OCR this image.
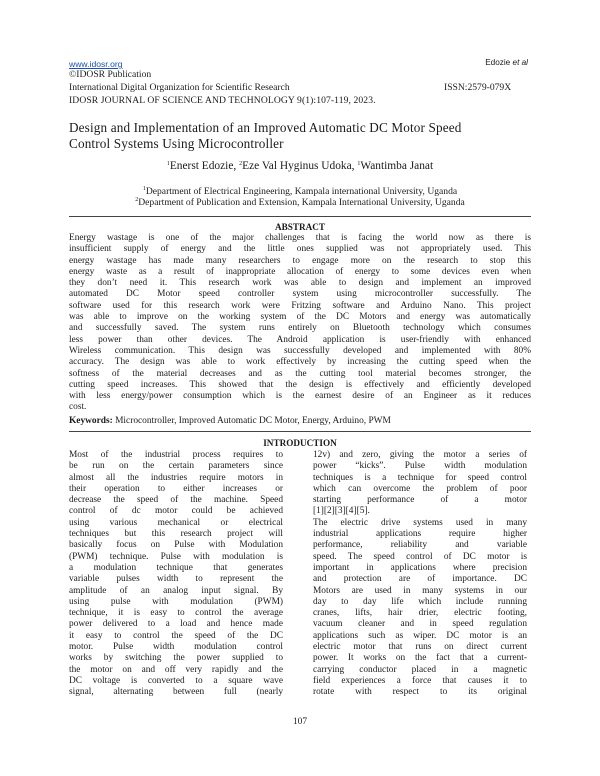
www.idosr.org	Edozie et al
©IDOSR Publication
International Digital Organization for Scientific Research	ISSN:2579-079X
IDOSR JOURNAL OF SCIENCE AND TECHNOLOGY 9(1):107-119, 2023.
Design and Implementation of an Improved Automatic DC Motor Speed
Control Systems Using Microcontroller
$^1$Enerst Edozie, $^2$Eze Val Hyginus Udoka, $^1$Wantimba Janat
$^1$Department of Electrical Engineering, Kampala international University, Uganda
$^2$Department of Publication and Extension, Kampala International University, Uganda
ABSTRACT

Energy wastage is one of the major challenges that is facing the world now as there is

insufficient supply of energy and the little ones supplied was not appropriately used. This

energy wastage has made many researchers to engage more on the research to stop this

energy waste as a result of inappropriate allocation of energy to some devices even when

they don’t need it. This research work was able to design and implement an improved

automated DC Motor speed controller system using microcontroller successfully. The

software used for this research work were Fritzing software and Arduino Nano. This project

was able to improve on the working system of the DC Motors and energy was automatically

and successfully saved. The system runs entirely on Bluetooth technology which consumes

less power than other devices. The Android application is user-friendly with enhanced

Wireless communication. This design was successfully developed and implemented with 80%

accuracy. The design was able to work effectively by increasing the cutting speed when the

softness of the material decreases and as the cutting tool material becomes stronger, the

cutting speed increases. This showed that the design is effectively and efficiently developed

with less energy/power consumption which is the earnest desire of an Engineer as it reduces

cost.

Keywords: Microcontroller, Improved Automatic DC Motor, Energy, Arduino, PWM
INTRODUCTION

Most of the industrial process requires to

be run on the certain parameters since

almost all the industries require motors in

their operation to either increases or

decrease the speed of the machine. Speed

control of dc motor could be achieved

using various mechanical or electrical

techniques but this research project will

basically focus on Pulse with Modulation

(PWM) technique. Pulse with modulation is

a modulation technique that generates

variable pulses width to represent the

amplitude of an analog input signal. By

using pulse with modulation (PWM)

technique, it is easy to control the average

power delivered to a load and hence made

it easy to control the speed of the DC

motor. Pulse width modulation control

works by switching the power supplied to

the motor on and off very rapidly and the

DC voltage is converted to a square wave

signal, alternating between full (nearly

12v) and zero, giving the motor a series of

power “kicks”. Pulse width modulation

techniques is a technique for speed control

which can overcome the problem of poor

starting performance of a motor

[1][2][3][4][5].

The electric drive systems used in many

industrial applications require higher

performance, reliability and variable

speed. The speed control of DC motor is

important in applications where precision

and protection are of importance. DC

Motors are used in many systems in our

day to day life which include running

cranes, lifts, hair drier, electric footing,

vacuum cleaner and in speed regulation

applications such as wiper. DC motor is an

electric motor that runs on direct current

power. It works on the fact that a current-

carrying conductor placed in a magnetic

field experiences a force that causes it to

rotate with respect to its original

107
